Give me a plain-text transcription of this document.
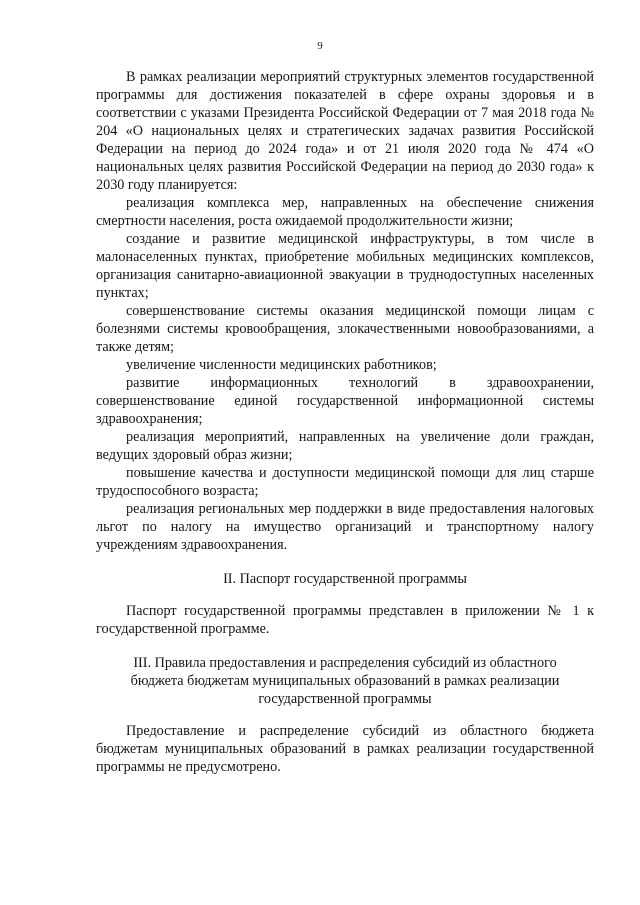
9

В рамках реализации мероприятий структурных элементов государственной программы для достижения показателей в сфере охраны здоровья и в соответствии с указами Президента Российской Федерации от 7 мая 2018 года № 204 «О национальных целях и стратегических задачах развития Российской Федерации на период до 2024 года» и от 21 июля 2020 года № 474 «О национальных целях развития Российской Федерации на период до 2030 года» к 2030 году планируется:

реализация комплекса мер, направленных на обеспечение снижения смертности населения, роста ожидаемой продолжительности жизни;

создание и развитие медицинской инфраструктуры, в том числе в малонаселенных пунктах, приобретение мобильных медицинских комплексов, организация санитарно-авиационной эвакуации в труднодоступных населенных пунктах;

совершенствование системы оказания медицинской помощи лицам с болезнями системы кровообращения, злокачественными новообразованиями, а также детям;

увеличение численности медицинских работников;

развитие информационных технологий в здравоохранении, совершенствование единой государственной информационной системы здравоохранения;

реализация мероприятий, направленных на увеличение доли граждан, ведущих здоровый образ жизни;

повышение качества и доступности медицинской помощи для лиц старше трудоспособного возраста;

реализация региональных мер поддержки в виде предоставления налоговых льгот по налогу на имущество организаций и транспортному налогу учреждениям здравоохранения.

II. Паспорт государственной программы

Паспорт государственной программы представлен в приложении № 1 к государственной программе.

III. Правила предоставления и распределения субсидий из областного
бюджета бюджетам муниципальных образований в рамках реализации
государственной программы

Предоставление и распределение субсидий из областного бюджета бюджетам муниципальных образований в рамках реализации государственной программы не предусмотрено.
